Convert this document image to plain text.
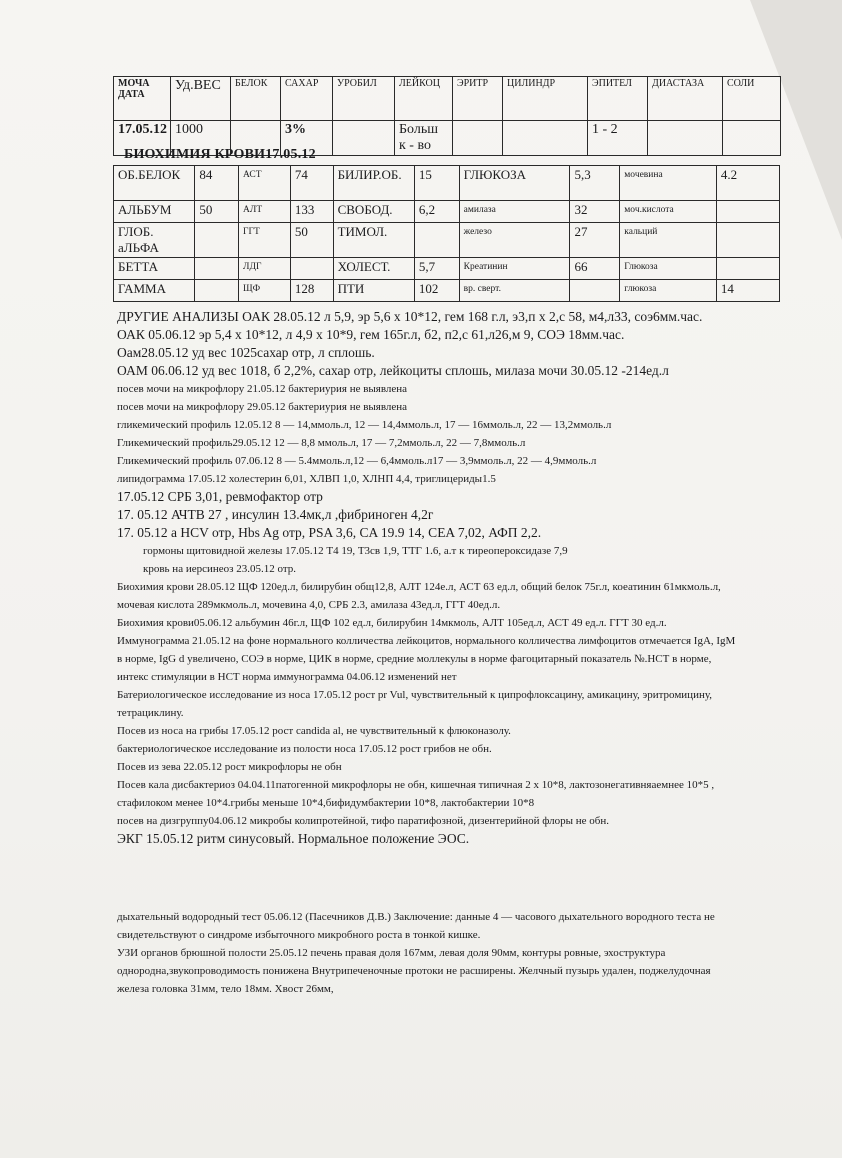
МОЧА ДАТА	Уд.ВЕС	БЕЛОК	САХАР	УРОБИЛ	ЛЕЙКОЦ	ЭРИТР	ЦИЛИНДР	ЭПИТЕЛ	ДИАСТАЗА	СОЛИ
17.05.12	1000		3%		Больш к - во			1 - 2		
БИОХИМИЯ КРОВИ17.05.12
ОБ.БЕЛОК	84	АСТ	74	БИЛИР.ОБ.	15	ГЛЮКОЗА	5,3	мочевина	4.2
АЛЬБУМ	50	АЛТ	133	СВОБОД.	6,2	амилаза	32	моч.кислота	
ГЛОБ. аЛЬФА		ГГТ	50	ТИМОЛ.		железо	27	кальций	
БЕТТА		ЛДГ		ХОЛЕСТ.	5,7	Креатинин	66	Глюкоза	
ГАММА		ЩФ	128	ПТИ	102	вр. сверт.		глюкоза	14

ДРУГИЕ АНАЛИЗЫ ОАК 28.05.12 л 5,9, эр 5,6 х 10*12, гем 168 г.л, э3,п х 2,с 58, м4,л33, соэ6мм.час.

ОАК 05.06.12 эр 5,4 х 10*12, л 4,9 х 10*9, гем 165г.л, б2, п2,с 61,л26,м 9, СОЭ 18мм.час.

Оам28.05.12 уд вес 1025сахар отр, л сплошь.

ОАМ 06.06.12 уд вес 1018, б 2,2%, сахар отр, лейкоциты сплошь, милаза мочи 30.05.12 -214ед.л

посев мочи на микрофлору 21.05.12 бактериурия не выявлена

посев мочи на микрофлору 29.05.12 бактериурия не выявлена

гликемический профиль 12.05.12 8 — 14,ммоль.л, 12 — 14,4ммоль.л, 17 — 16ммоль.л, 22 — 13,2ммоль.л

Гликемический профиль29.05.12 12 — 8,8 ммоль.л, 17 — 7,2ммоль.л, 22 — 7,8ммоль.л

Гликемический профиль 07.06.12 8 — 5.4ммоль.л,12 — 6,4ммоль.л17 — 3,9ммоль.л, 22 — 4,9ммоль.л

липидограмма 17.05.12 холестерин 6,01, ХЛВП 1,0, ХЛНП 4,4, триглицериды1.5

17.05.12 СРБ 3,01, ревмофактор отр

17. 05.12 АЧТВ 27 , инсулин 13.4мк,л ,фибриноген 4,2г

17. 05.12 а HCV отр, Hbs Ag отр, PSA 3,6, CA 19.9 14, CEA 7,02, АФП 2,2.

гормоны щитовидной железы 17.05.12 Т4 19, Т3св 1,9, ТТГ 1.6, а.т к тиреопероксидазе 7,9

кровь на иерсинеоз 23.05.12 отр.

Биохимия крови 28.05.12 ЩФ 120ед.л, билирубин общ12,8, АЛТ 124е.л, АСТ 63 ед.л, общий белок 75г.л, коеатинин 61мкмоль.л, мочевая кислота 289мкмоль.л, мочевина 4,0, СРБ 2.3, амилаза 43ед.л, ГГТ 40ед.л.

Биохимия крови05.06.12 альбумин 46г.л, ЩФ 102 ед.л, билирубин 14мкмоль, АЛТ 105ед.л, АСТ 49 ед.л. ГГТ 30 ед.л.

Иммунограмма 21.05.12 на фоне нормального колличества лейкоцитов, нормального колличества лимфоцитов отмечается IgA, IgM в норме, IgG d увеличено, СОЭ в норме, ЦИК в норме, средние моллекулы в норме фагоцитарный показатель №.НСТ в норме, интекс стимуляции в НСТ норма иммунограмма 04.06.12 изменений нет

Батериологическое исследование из носа 17.05.12 рост pr Vul, чувствительный к ципрофлоксацину, амикацину, эритромицину, тетрациклину.

Посев из носа на грибы 17.05.12 рост candida al, не чувствительный к флюконазолу.

бактериологическое исследование из полости носа 17.05.12 рост грибов не обн.

Посев из зева 22.05.12 рост микрофлоры не обн

Посев кала дисбактериоз 04.04.11патогенной микрофлоры не обн, кишечная типичная 2 х 10*8, лактозонегативняаемнее 10*5 , стафилоком менее 10*4.грибы меньше 10*4,бифидумбактерии 10*8, лактобактерии 10*8

посев на дизгруппу04.06.12 микробы колипротейной, тифо паратифозной, дизентерийной флоры не обн.

ЭКГ 15.05.12 ритм синусовый. Нормальное положение ЭОС.

дыхательный водородный тест 05.06.12 (Пасечников Д.В.) Заключение: данные 4 — часового дыхательного вородного теста не свидетельствуют о синдроме избыточного микробного роста в тонкой кишке.

УЗИ органов брюшной полости 25.05.12 печень правая доля 167мм, левая доля 90мм, контуры ровные, эхоструктура однородна,звукопроводимость понижена Внутрипеченочные протоки не расширены. Желчный пузырь удален, поджелудочная железа головка 31мм, тело 18мм. Хвост 26мм,
